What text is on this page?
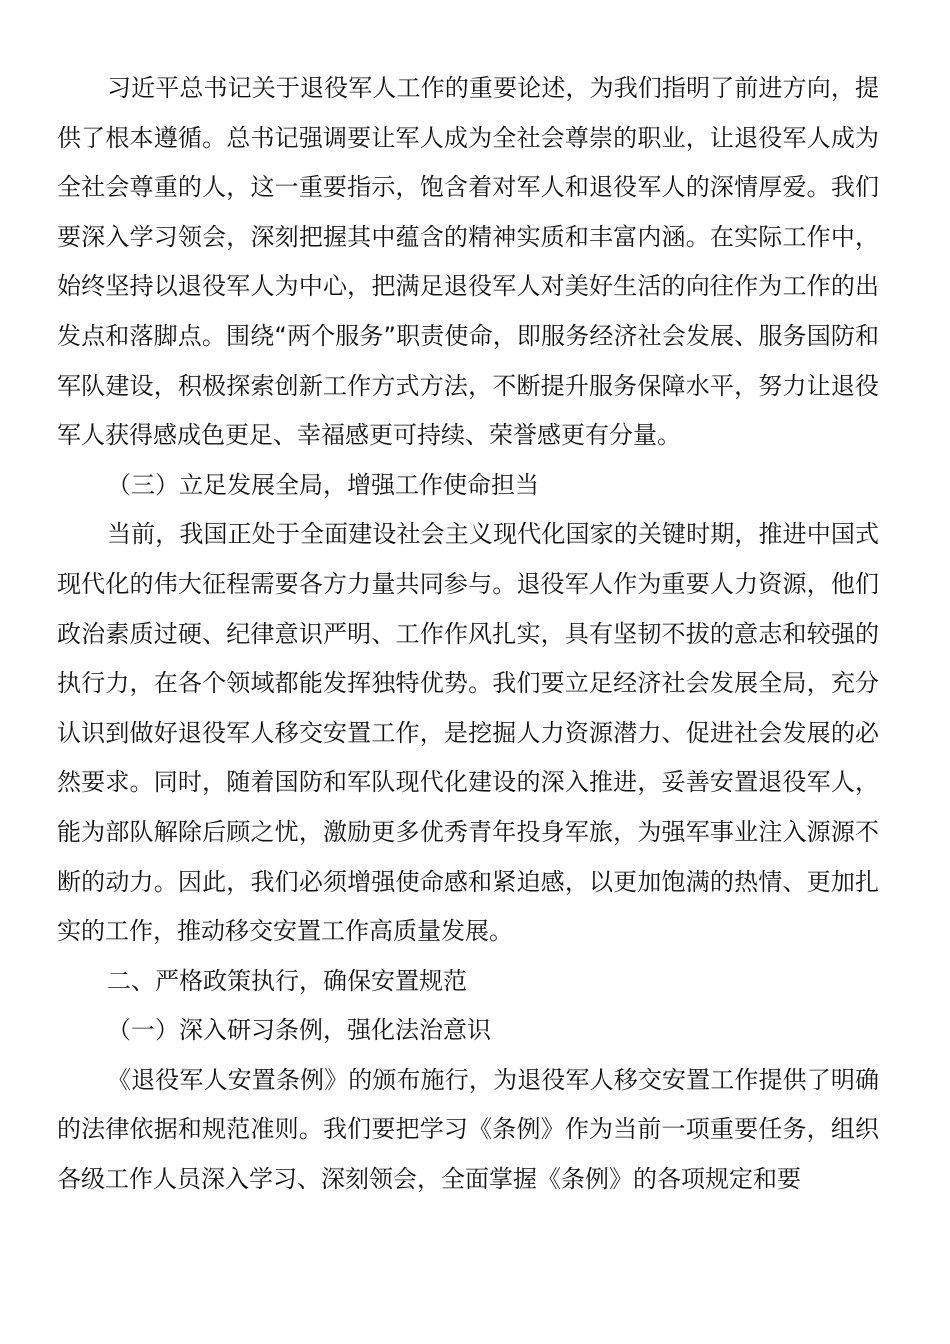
习近平总书记关于退役军人工作的重要论述，为我们指明了前进方向，提供了根本遵循。总书记强调要让军人成为全社会尊崇的职业，让退役军人成为全社会尊重的人，这一重要指示，饱含着对军人和退役军人的深情厚爱。我们要深入学习领会，深刻把握其中蕴含的精神实质和丰富内涵。在实际工作中，始终坚持以退役军人为中心，把满足退役军人对美好生活的向往作为工作的出发点和落脚点。围绕“两个服务”职责使命，即服务经济社会发展、服务国防和军队建设，积极探索创新工作方式方法，不断提升服务保障水平，努力让退役军人获得感成色更足、幸福感更可持续、荣誉感更有分量。

（三）立足发展全局，增强工作使命担当

当前，我国正处于全面建设社会主义现代化国家的关键时期，推进中国式现代化的伟大征程需要各方力量共同参与。退役军人作为重要人力资源，他们政治素质过硬、纪律意识严明、工作作风扎实，具有坚韧不拔的意志和较强的执行力，在各个领域都能发挥独特优势。我们要立足经济社会发展全局，充分认识到做好退役军人移交安置工作，是挖掘人力资源潜力、促进社会发展的必然要求。同时，随着国防和军队现代化建设的深入推进，妥善安置退役军人，能为部队解除后顾之忧，激励更多优秀青年投身军旅，为强军事业注入源源不断的动力。因此，我们必须增强使命感和紧迫感，以更加饱满的热情、更加扎实的工作，推动移交安置工作高质量发展。

二、严格政策执行，确保安置规范

（一）深入研习条例，强化法治意识

《退役军人安置条例》的颁布施行，为退役军人移交安置工作提供了明确的法律依据和规范准则。我们要把学习《条例》作为当前一项重要任务，组织各级工作人员深入学习、深刻领会，全面掌握《条例》的各项规定和要
